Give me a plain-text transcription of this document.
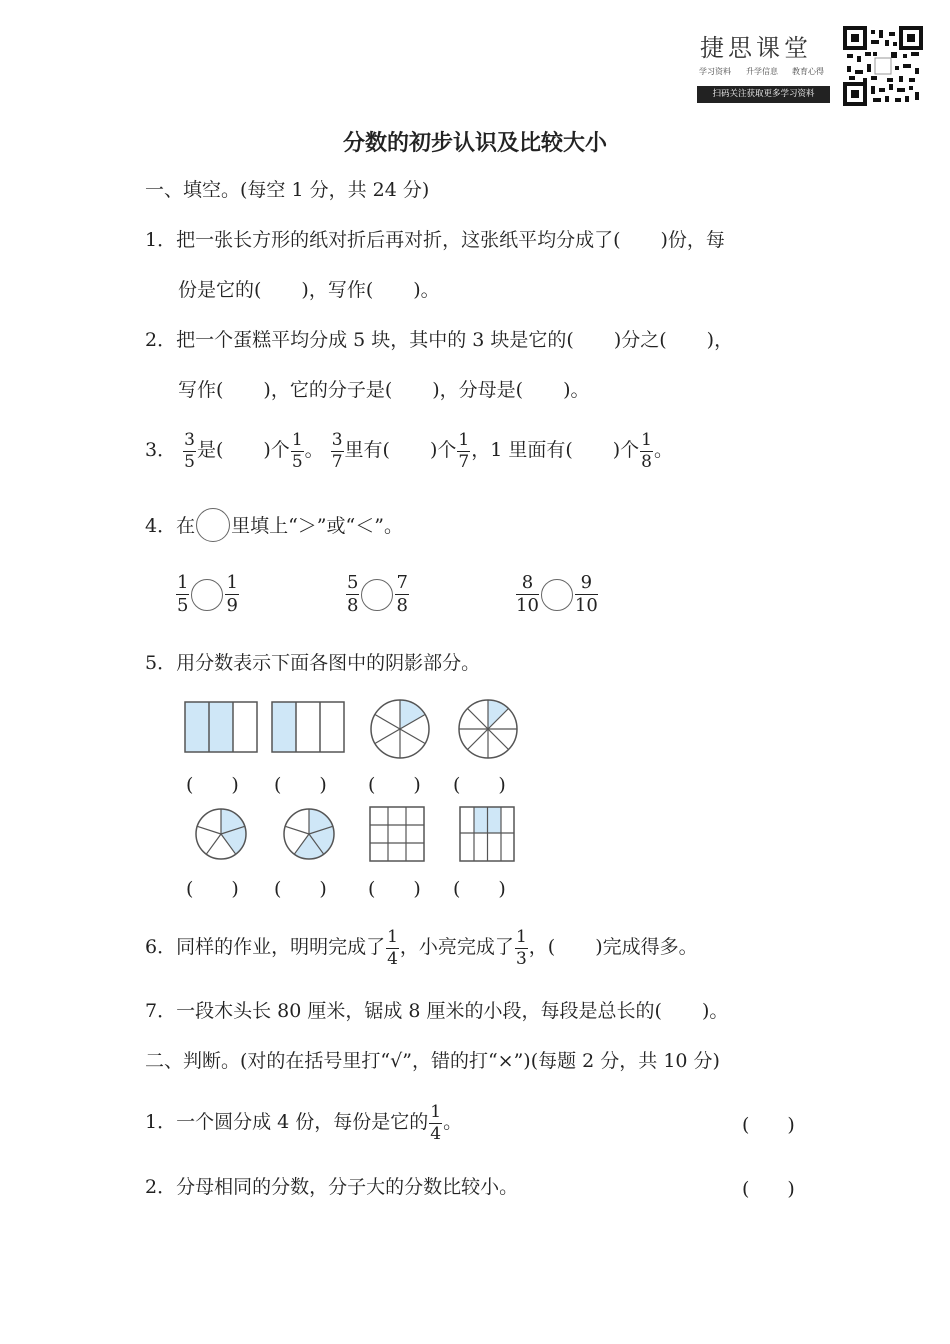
捷思课堂
学习资料 升学信息 教育心得
扫码关注获取更多学习资料
分数的初步认识及比较大小
一、填空。(每空 1 分，共 24 分)
1．把一张长方形的纸对折后再对折，这张纸平均分成了( )份，每
份是它的( )，写作( )。
2．把一个蛋糕平均分成 5 块，其中的 3 块是它的( )分之( )，
写作( )，它的分子是( )，分母是( )。
3． $\frac{3}{5}$ 是( )个 $\frac{1}{5}$ 。 $\frac{3}{7}$ 里有( )个 $\frac{1}{7}$ ，1 里面有( )个 $\frac{1}{8}$ 。
4．在 里填上“＞”或“＜”。
$\frac{1}{5} \frac{1}{9}$	$\frac{5}{8} \frac{7}{8}$	$\frac{8}{10} \frac{9}{10}$
5．用分数表示下面各图中的阴影部分。
(　　) (　　) (　　) (　　)
(　　) (　　) (　　) (　　)
6．同样的作业，明明完成了 $\frac{1}{4}$ ，小亮完成了 $\frac{1}{3}$ ，( )完成得多。
7．一段木头长 80 厘米，锯成 8 厘米的小段，每段是总长的( )。
二、判断。(对的在括号里打“√”，错的打“×”)(每题 2 分，共 10 分)
1．一个圆分成 4 份，每份是它的 $\frac{1}{4}$ 。	(　　)
2．分母相同的分数，分子大的分数比较小。	(　　)
